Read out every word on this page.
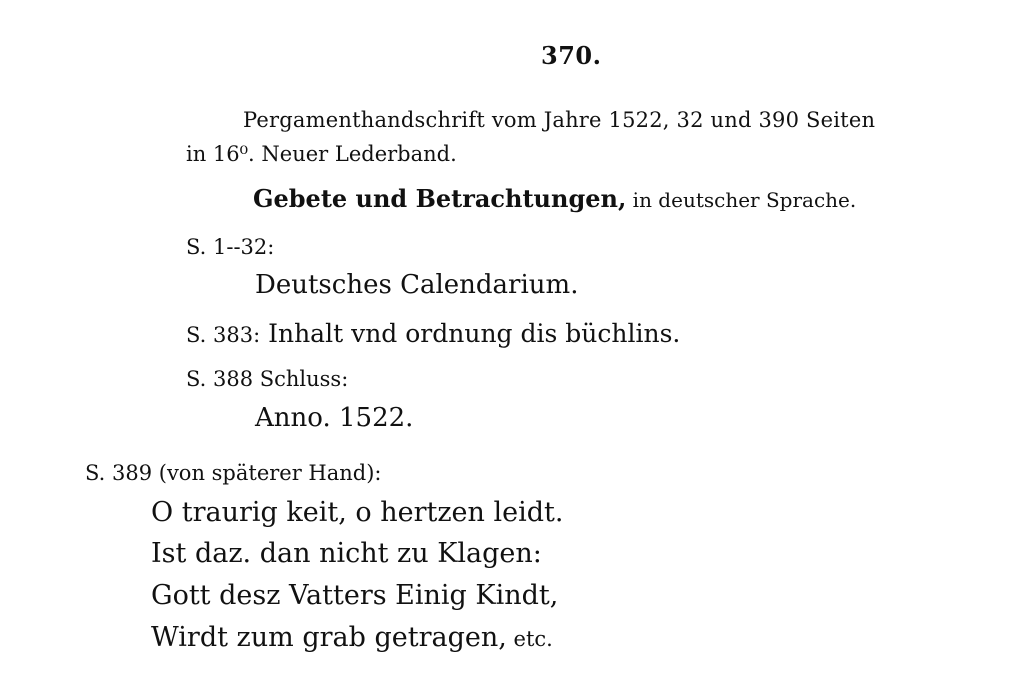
370.
Pergamenthandschrift vom Jahre 1522, 32 und 390 Seiten
in 16⁰. Neuer Lederband.
Gebete und Betrachtungen, in deutscher Sprache.
S. 1--32:
Deutsches Calendarium.
S. 383: Inhalt vnd ordnung dis büchlins.
S. 388 Schluss:
Anno. 1522.
S. 389 (von späterer Hand):
O traurig keit, o hertzen leidt.
Ist daz. dan nicht zu Klagen:
Gott desz Vatters Einig Kindt,
Wirdt zum grab getragen, etc.
